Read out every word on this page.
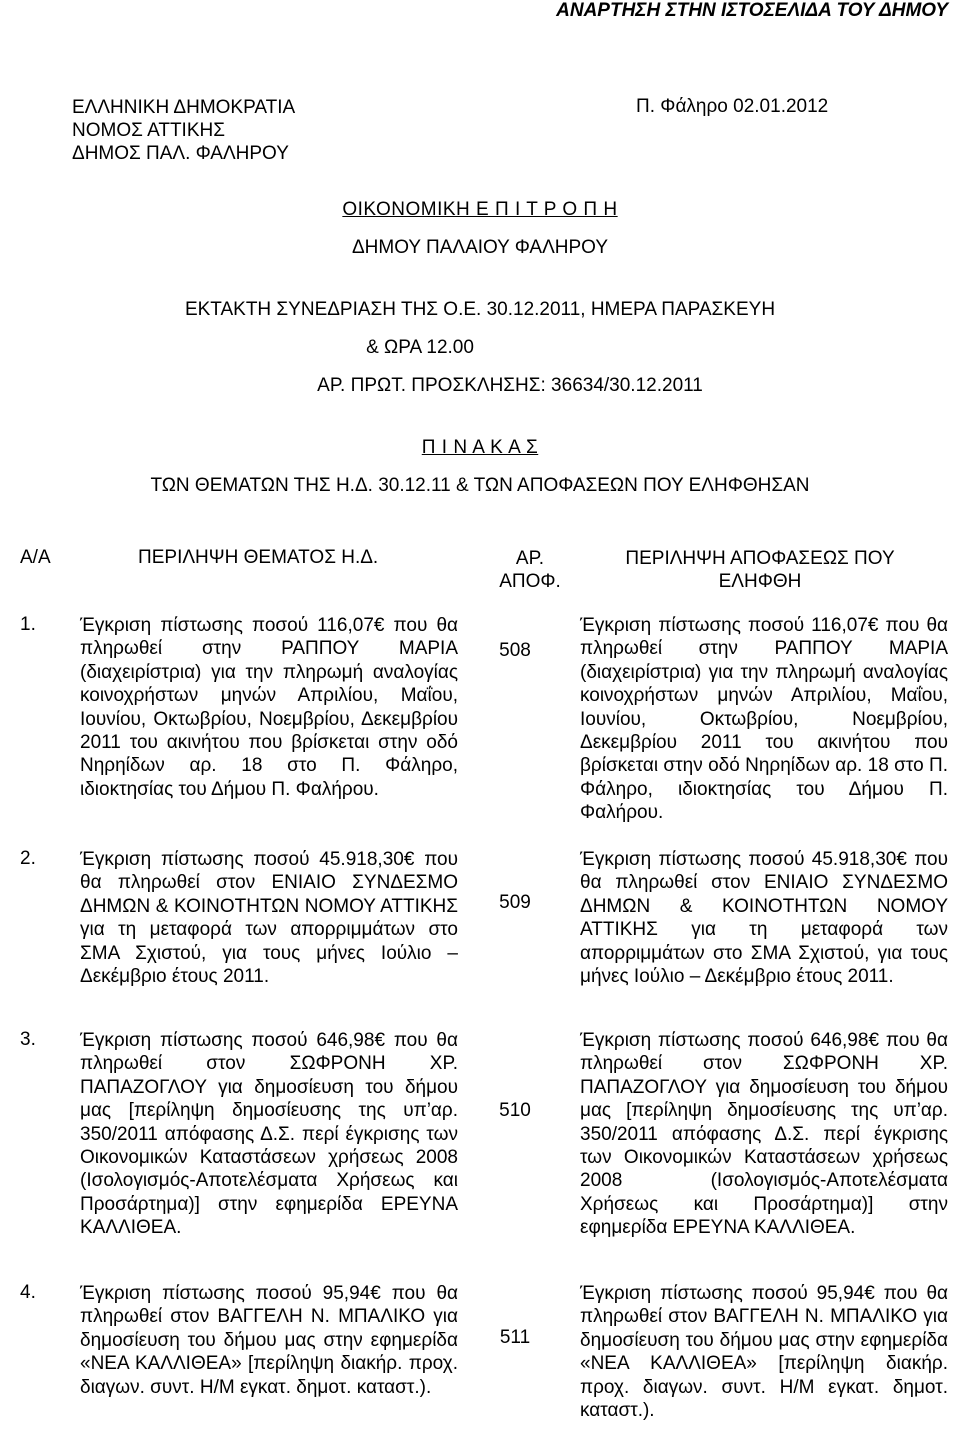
ΑΝΑΡΤΗΣΗ ΣΤΗΝ ΙΣΤΟΣΕΛΙΔΑ ΤΟΥ ΔΗΜΟΥ
ΕΛΛΗΝΙΚΗ ΔΗΜΟΚΡΑΤΙΑ
ΝΟΜΟΣ ΑΤΤΙΚΗΣ
ΔΗΜΟΣ ΠΑΛ. ΦΑΛΗΡΟΥ
Π. Φάληρο 02.01.2012
ΟΙΚΟΝΟΜΙΚΗ Ε Π Ι Τ Ρ Ο Π Η
ΔΗΜΟΥ ΠΑΛΑΙΟΥ ΦΑΛΗΡΟΥ
ΕΚΤΑΚΤΗ ΣΥΝΕΔΡΙΑΣΗ ΤΗΣ Ο.Ε. 30.12.2011, ΗΜΕΡΑ ΠΑΡΑΣΚΕΥΗ
& ΩΡΑ 12.00
ΑΡ. ΠΡΩΤ. ΠΡΟΣΚΛΗΣΗΣ: 36634/30.12.2011
Π Ι Ν Α Κ Α Σ
ΤΩΝ ΘΕΜΑΤΩΝ ΤΗΣ Η.Δ. 30.12.11 & ΤΩΝ ΑΠΟΦΑΣΕΩΝ ΠΟΥ ΕΛΗΦΘΗΣΑΝ
Α/Α	ΠΕΡΙΛΗΨΗ ΘΕΜΑΤΟΣ Η.Δ.	ΑΡ.
ΑΠΟΦ.
ΠΕΡΙΛΗΨΗ ΑΠΟΦΑΣΕΩΣ ΠΟΥ
ΕΛΗΦΘΗ
1. Έγκριση πίστωσης ποσού 116,07€ που θα πληρωθεί στην ΡΑΠΠΟΥ ΜΑΡΙΑ (διαχειρίστρια) για την πληρωμή αναλογίας κοινοχρήστων μηνών Απριλίου, Μαΐου, Ιουνίου, Οκτωβρίου, Νοεμβρίου, Δεκεμβρίου 2011 του ακινήτου που βρίσκεται στην οδό Νηρηίδων αρ. 18 στο Π. Φάληρο, ιδιοκτησίας του Δήμου Π. Φαλήρου.
508
Έγκριση πίστωσης ποσού 116,07€ που θα πληρωθεί στην ΡΑΠΠΟΥ ΜΑΡΙΑ (διαχειρίστρια) για την πληρωμή αναλογίας κοινοχρήστων μηνών Απριλίου, Μαΐου, Ιουνίου, Οκτωβρίου, Νοεμβρίου, Δεκεμβρίου 2011 του ακινήτου που βρίσκεται στην οδό Νηρηίδων αρ. 18 στο Π. Φάληρο, ιδιοκτησίας του Δήμου Π. Φαλήρου.
2. Έγκριση πίστωσης ποσού 45.918,30€ που θα πληρωθεί στον ΕΝΙΑΙΟ ΣΥΝΔΕΣΜΟ ΔΗΜΩΝ & ΚΟΙΝΟΤΗΤΩΝ ΝΟΜΟΥ ΑΤΤΙΚΗΣ για τη μεταφορά των απορριμμάτων στο ΣΜΑ Σχιστού, για τους μήνες Ιούλιο – Δεκέμβριο έτους 2011.
509
Έγκριση πίστωσης ποσού 45.918,30€ που θα πληρωθεί στον ΕΝΙΑΙΟ ΣΥΝΔΕΣΜΟ ΔΗΜΩΝ & ΚΟΙΝΟΤΗΤΩΝ ΝΟΜΟΥ ΑΤΤΙΚΗΣ για τη μεταφορά των απορριμμάτων στο ΣΜΑ Σχιστού, για τους μήνες Ιούλιο – Δεκέμβριο έτους 2011.
3. Έγκριση πίστωσης ποσού 646,98€ που θα πληρωθεί στον ΣΩΦΡΟΝΗ ΧΡ. ΠΑΠΑΖΟΓΛΟΥ για δημοσίευση του δήμου μας [περίληψη δημοσίευσης της υπ’αρ. 350/2011 απόφασης Δ.Σ. περί έγκρισης των Οικονομικών Καταστάσεων χρήσεως 2008 (Ισολογισμός-Αποτελέσματα Χρήσεως και Προσάρτημα)] στην εφημερίδα ΕΡΕΥΝΑ ΚΑΛΛΙΘΕΑ.
510
Έγκριση πίστωσης ποσού 646,98€ που θα πληρωθεί στον ΣΩΦΡΟΝΗ ΧΡ. ΠΑΠΑΖΟΓΛΟΥ για δημοσίευση του δήμου μας [περίληψη δημοσίευσης της υπ’αρ. 350/2011 απόφασης Δ.Σ. περί έγκρισης των Οικονομικών Καταστάσεων χρήσεως 2008 (Ισολογισμός-Αποτελέσματα Χρήσεως και Προσάρτημα)] στην εφημερίδα ΕΡΕΥΝΑ ΚΑΛΛΙΘΕΑ.
4. Έγκριση πίστωσης ποσού 95,94€ που θα πληρωθεί στον ΒΑΓΓΕΛΗ Ν. ΜΠΑΛΙΚΟ για δημοσίευση του δήμου μας στην εφημερίδα «ΝΕΑ ΚΑΛΛΙΘΕΑ» [περίληψη διακήρ. προχ. διαγων. συντ. Η/Μ εγκατ. δημοτ. καταστ.).
511
Έγκριση πίστωσης ποσού 95,94€ που θα πληρωθεί στον ΒΑΓΓΕΛΗ Ν. ΜΠΑΛΙΚΟ για δημοσίευση του δήμου μας στην εφημερίδα «ΝΕΑ ΚΑΛΛΙΘΕΑ» [περίληψη διακήρ. προχ. διαγων. συντ. Η/Μ εγκατ. δημοτ. καταστ.).
